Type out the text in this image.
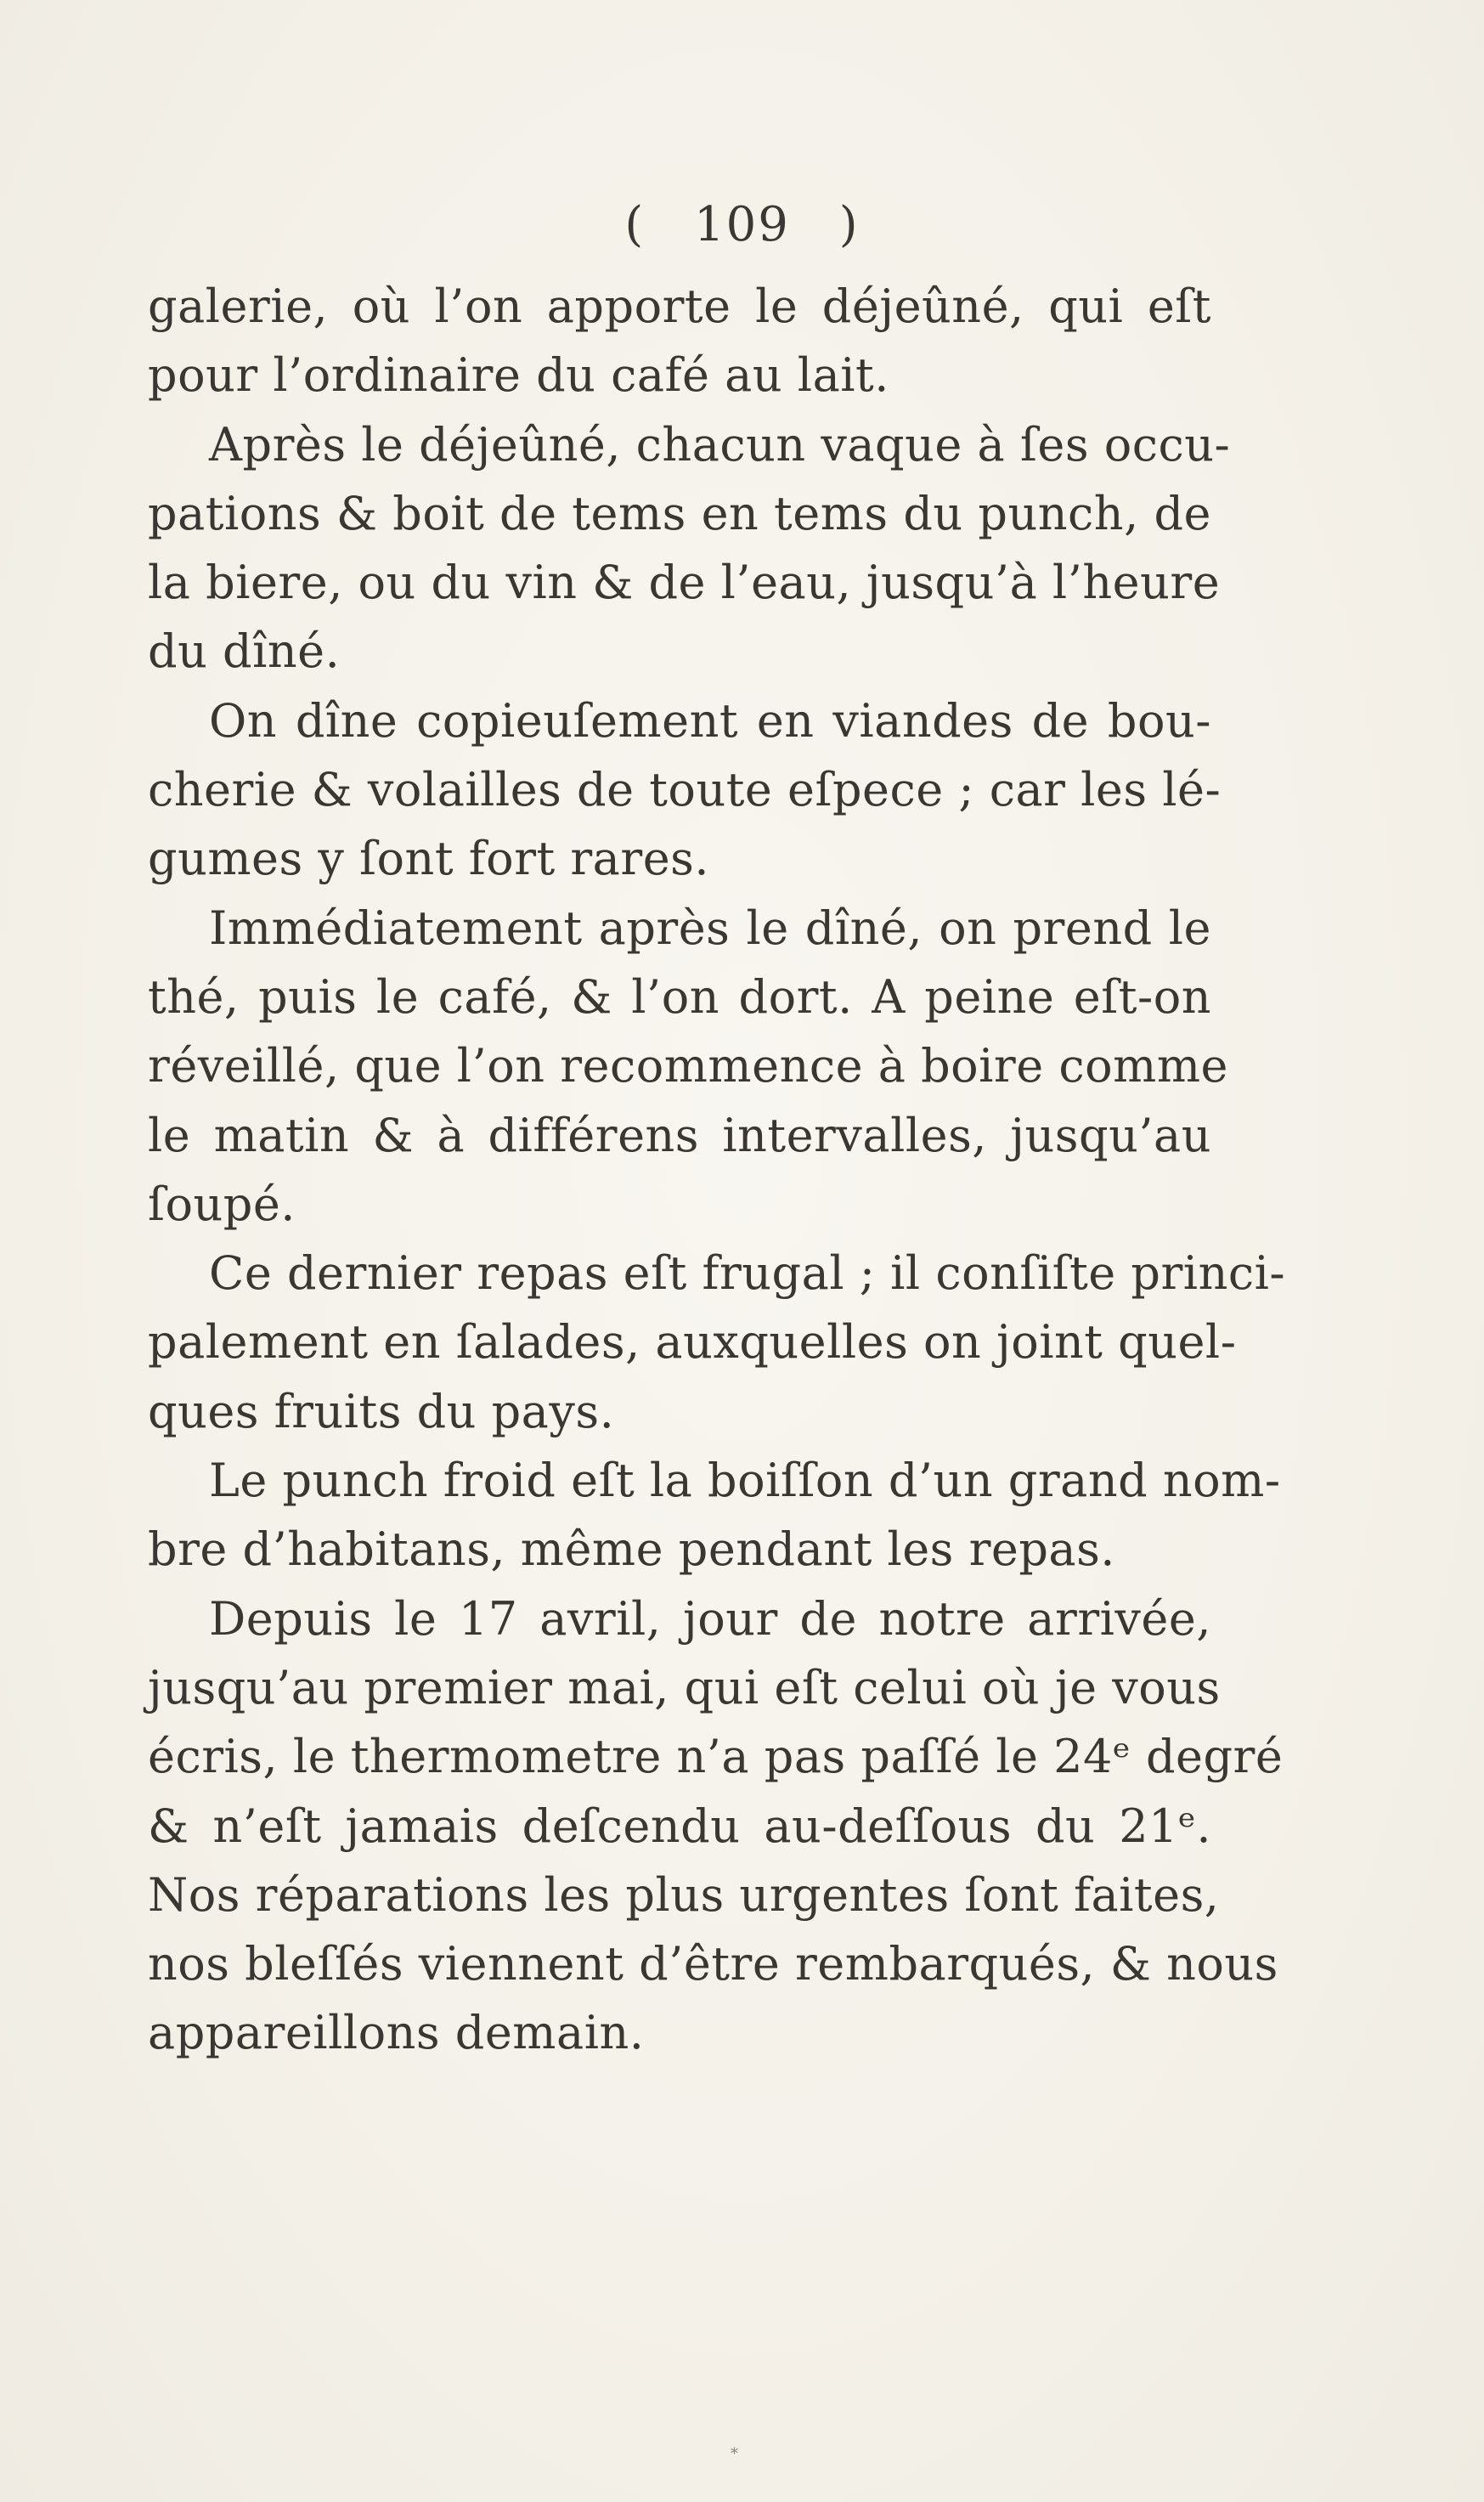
( 109 )
galerie, où l’on apporte le déjeûné, qui eſt
pour l’ordinaire du café au lait.
Après le déjeûné, chacun vaque à ſes occu-
pations & boit de tems en tems du punch, de
la biere, ou du vin & de l’eau, jusqu’à l’heure
du dîné.
On dîne copieuſement en viandes de bou-
cherie & volailles de toute eſpece ; car les lé-
gumes y ſont fort rares.
Immédiatement après le dîné, on prend le
thé, puis le café, & l’on dort. A peine eſt-on
réveillé, que l’on recommence à boire comme
le matin & à différens intervalles, jusqu’au
ſoupé.
Ce dernier repas eſt frugal ; il conſiſte princi-
palement en ſalades, auxquelles on joint quel-
ques fruits du pays.
Le punch froid eſt la boiſſon d’un grand nom-
bre d’habitans, même pendant les repas.
Depuis le 17 avril, jour de notre arrivée,
jusqu’au premier mai, qui eſt celui où je vous
écris, le thermometre n’a pas paſſé le 24ᵉ degré
& n’eſt jamais deſcendu au-deſſous du 21ᵉ.
Nos réparations les plus urgentes ſont faites,
nos bleſſés viennent d’être rembarqués, & nous
appareillons demain.
*
